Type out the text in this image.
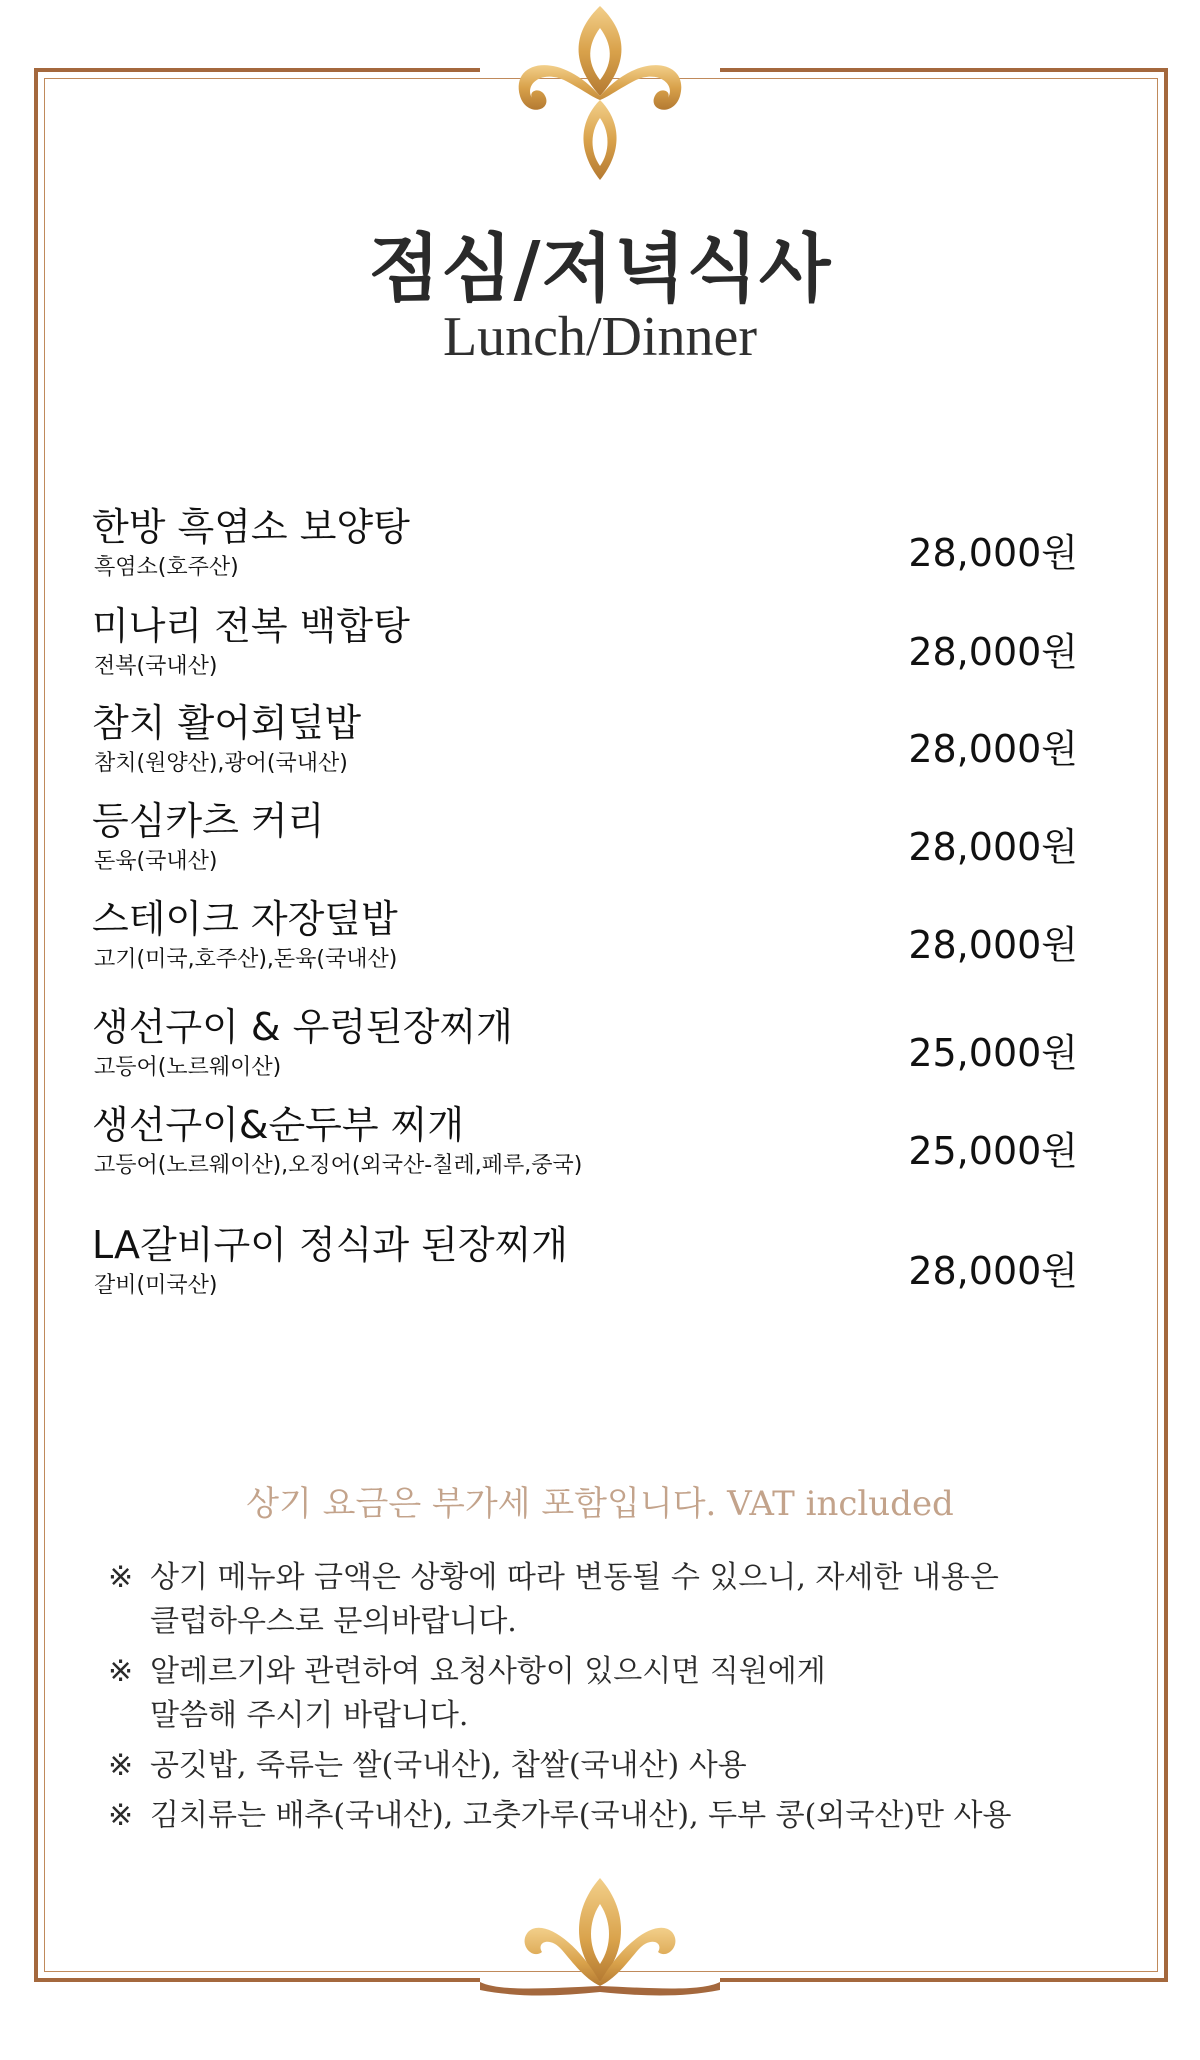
점심/저녁식사
Lunch/Dinner
한방 흑염소 보양탕
흑염소(호주산)	28,000원
미나리 전복 백합탕
전복(국내산)	28,000원
참치 활어회덮밥
참치(원양산),광어(국내산)	28,000원
등심카츠 커리
돈육(국내산)	28,000원
스테이크 자장덮밥
고기(미국,호주산),돈육(국내산)	28,000원
생선구이 & 우렁된장찌개
고등어(노르웨이산)	25,000원
생선구이&순두부 찌개
고등어(노르웨이산),오징어(외국산-칠레,페루,중국)	25,000원
LA갈비구이 정식과 된장찌개
갈비(미국산)	28,000원
상기 요금은 부가세 포함입니다. VAT included
※ 상기 메뉴와 금액은 상황에 따라 변동될 수 있으니, 자세한 내용은
클럽하우스로 문의바랍니다.
※ 알레르기와 관련하여 요청사항이 있으시면 직원에게
말씀해 주시기 바랍니다.
※ 공깃밥, 죽류는 쌀(국내산), 찹쌀(국내산) 사용
※ 김치류는 배추(국내산), 고춧가루(국내산), 두부 콩(외국산)만 사용
